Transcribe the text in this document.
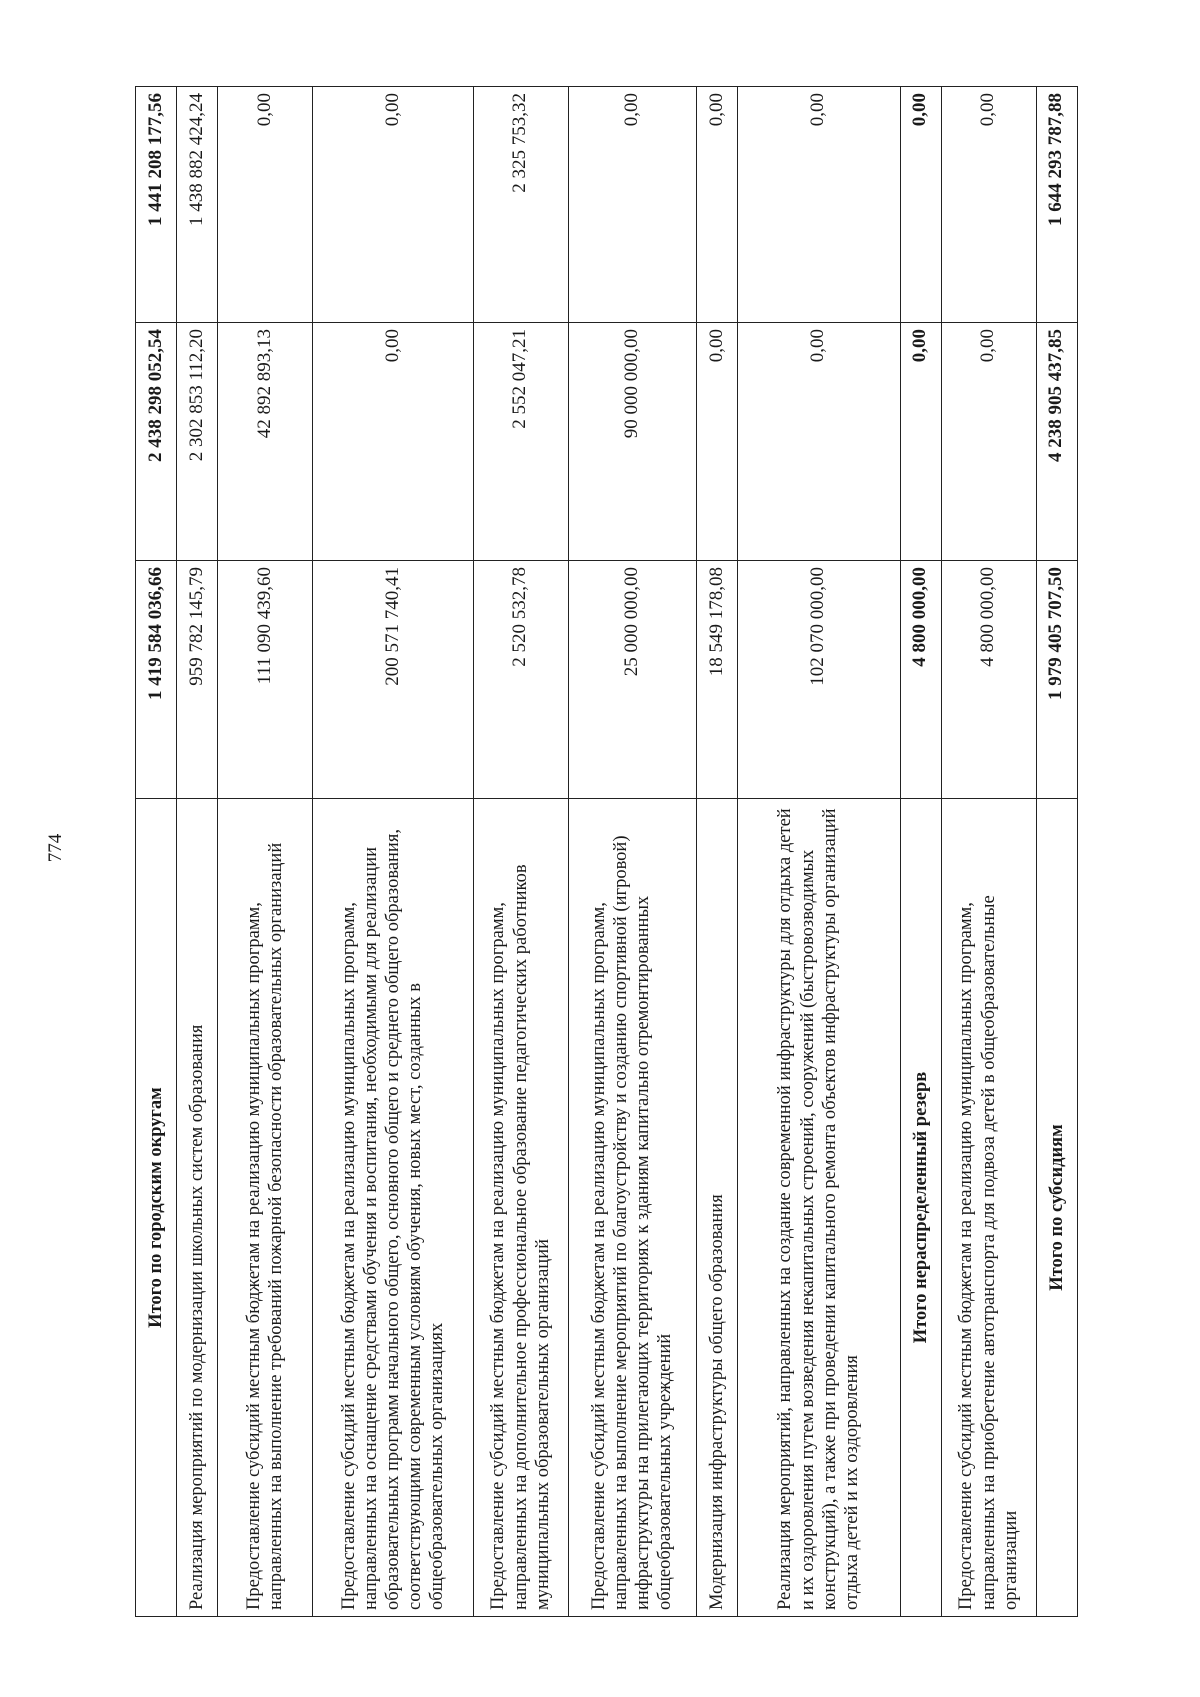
774
Итого по городским округам	1 419 584 036,66	2 438 298 052,54	1 441 208 177,56
Реализация мероприятий по модернизации школьных систем образования	959 782 145,79	2 302 853 112,20	1 438 882 424,24
Предоставление субсидий местным бюджетам на реализацию муниципальных программ, направленных на выполнение требований пожарной безопасности образовательных организаций	111 090 439,60	42 892 893,13	0,00
Предоставление субсидий местным бюджетам на реализацию муниципальных программ, направленных на оснащение средствами обучения и воспитания, необходимыми для реализации образовательных программ начального общего, основного общего и среднего общего образования, соответствующими современным условиям обучения, новых мест, созданных в общеобразовательных организациях	200 571 740,41	0,00	0,00
Предоставление субсидий местным бюджетам на реализацию муниципальных программ, направленных на дополнительное профессиональное образование педагогических работников муниципальных образовательных организаций	2 520 532,78	2 552 047,21	2 325 753,32
Предоставление субсидий местным бюджетам на реализацию муниципальных программ, направленных на выполнение мероприятий по благоустройству и созданию спортивной (игровой) инфраструктуры на прилегающих территориях к зданиям капитально отремонтированных общеобразовательных учреждений	25 000 000,00	90 000 000,00	0,00
Модернизация инфраструктуры общего образования	18 549 178,08	0,00	0,00
Реализация мероприятий, направленных на создание современной инфраструктуры для отдыха детей и их оздоровления путем возведения некапитальных строений, сооружений (быстровозводимых конструкций), а также при проведении капитального ремонта объектов инфраструктуры организаций отдыха детей и их оздоровления	102 070 000,00	0,00	0,00
Итого нераспределенный резерв	4 800 000,00	0,00	0,00
Предоставление субсидий местным бюджетам на реализацию муниципальных программ, направленных на приобретение автотранспорта для подвоза детей в общеобразовательные организации	4 800 000,00	0,00	0,00
Итого по субсидиям	1 979 405 707,50	4 238 905 437,85	1 644 293 787,88
